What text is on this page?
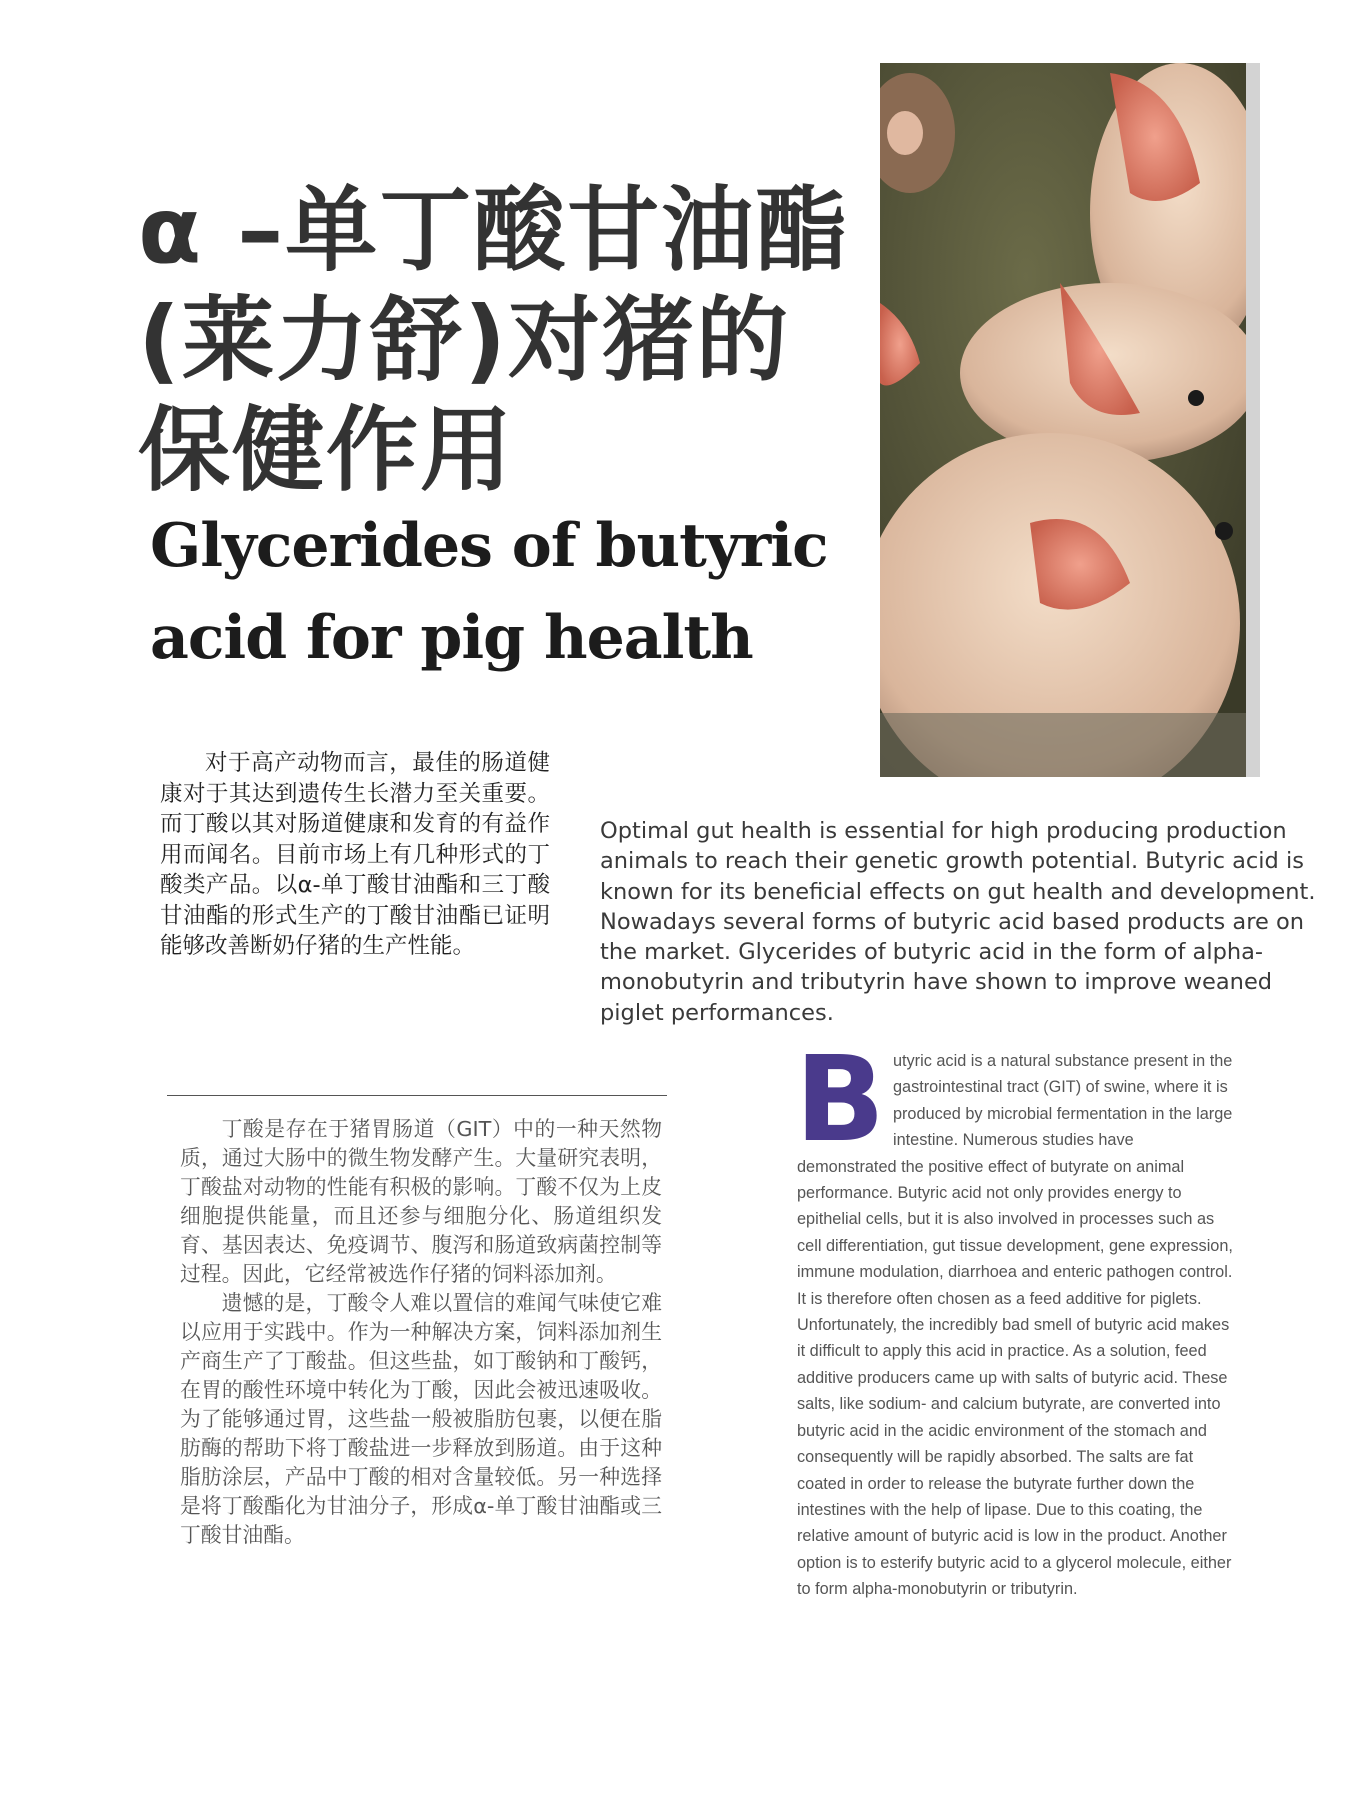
α –单丁酸甘油酯
(莱力舒)对猪的
保健作用
Glycerides of butyric
acid for pig health

对于高产动物而言，最佳的肠道健康对于其达到遗传生长潜力至关重要。而丁酸以其对肠道健康和发育的有益作用而闻名。目前市场上有几种形式的丁酸类产品。以α-单丁酸甘油酯和三丁酸甘油酯的形式生产的丁酸甘油酯已证明能够改善断奶仔猪的生产性能。

Optimal gut health is essential for high producing production animals to reach their genetic growth potential. Butyric acid is known for its beneficial effects on gut health and development. Nowadays several forms of butyric acid based products are on the market. Glycerides of butyric acid in the form of alpha-monobutyrin and tributyrin have shown to improve weaned piglet performances.

丁酸是存在于猪胃肠道（GIT）中的一种天然物质，通过大肠中的微生物发酵产生。大量研究表明，丁酸盐对动物的性能有积极的影响。丁酸不仅为上皮细胞提供能量，而且还参与细胞分化、肠道组织发育、基因表达、免疫调节、腹泻和肠道致病菌控制等过程。因此，它经常被选作仔猪的饲料添加剂。

遗憾的是，丁酸令人难以置信的难闻气味使它难以应用于实践中。作为一种解决方案，饲料添加剂生产商生产了丁酸盐。但这些盐，如丁酸钠和丁酸钙，在胃的酸性环境中转化为丁酸，因此会被迅速吸收。为了能够通过胃，这些盐一般被脂肪包裹，以便在脂肪酶的帮助下将丁酸盐进一步释放到肠道。由于这种脂肪涂层，产品中丁酸的相对含量较低。另一种选择是将丁酸酯化为甘油分子，形成α-单丁酸甘油酯或三丁酸甘油酯。

Butyric acid is a natural substance present in the gastrointestinal tract (GIT) of swine, where it is produced by microbial fermentation in the large intestine. Numerous studies have demonstrated the positive effect of butyrate on animal performance. Butyric acid not only provides energy to epithelial cells, but it is also involved in processes such as cell differentiation, gut tissue development, gene expression, immune modulation, diarrhoea and enteric pathogen control. It is therefore often chosen as a feed additive for piglets.

Unfortunately, the incredibly bad smell of butyric acid makes it difficult to apply this acid in practice. As a solution, feed additive producers came up with salts of butyric acid. These salts, like sodium- and calcium butyrate, are converted into butyric acid in the acidic environment of the stomach and consequently will be rapidly absorbed. The salts are fat coated in order to release the butyrate further down the intestines with the help of lipase. Due to this coating, the relative amount of butyric acid is low in the product. Another option is to esterify butyric acid to a glycerol molecule, either to form alpha-monobutyrin or tributyrin.
